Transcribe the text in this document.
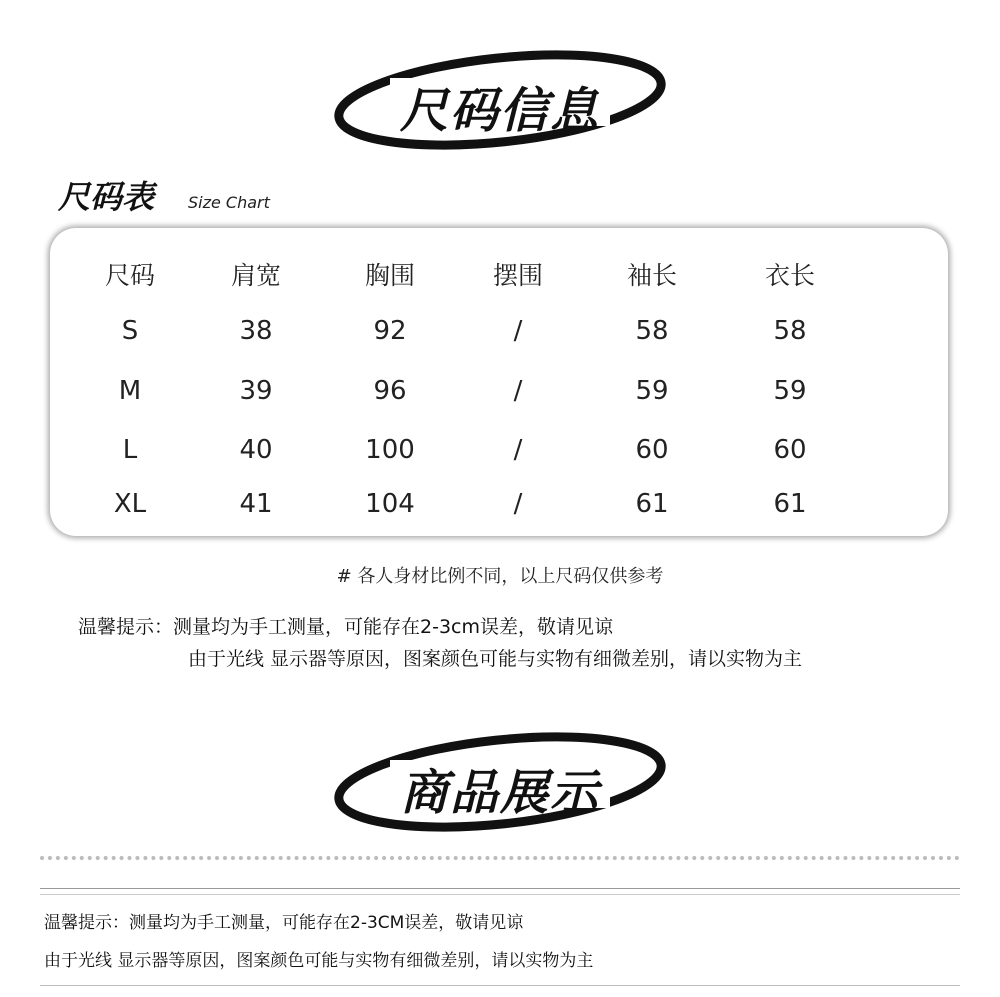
尺码信息
尺码表 Size Chart
尺码	肩宽	胸围	摆围	袖长	衣长
S	38	92	/	58	58
M	39	96	/	59	59
L	40	100	/	60	60
XL	41	104	/	61	61
# 各人身材比例不同，以上尺码仅供参考
温馨提示：测量均为手工测量，可能存在2-3cm误差，敬请见谅
由于光线 显示器等原因，图案颜色可能与实物有细微差别，请以实物为主
商品展示
温馨提示：测量均为手工测量，可能存在2-3CM误差，敬请见谅
由于光线 显示器等原因，图案颜色可能与实物有细微差别，请以实物为主
